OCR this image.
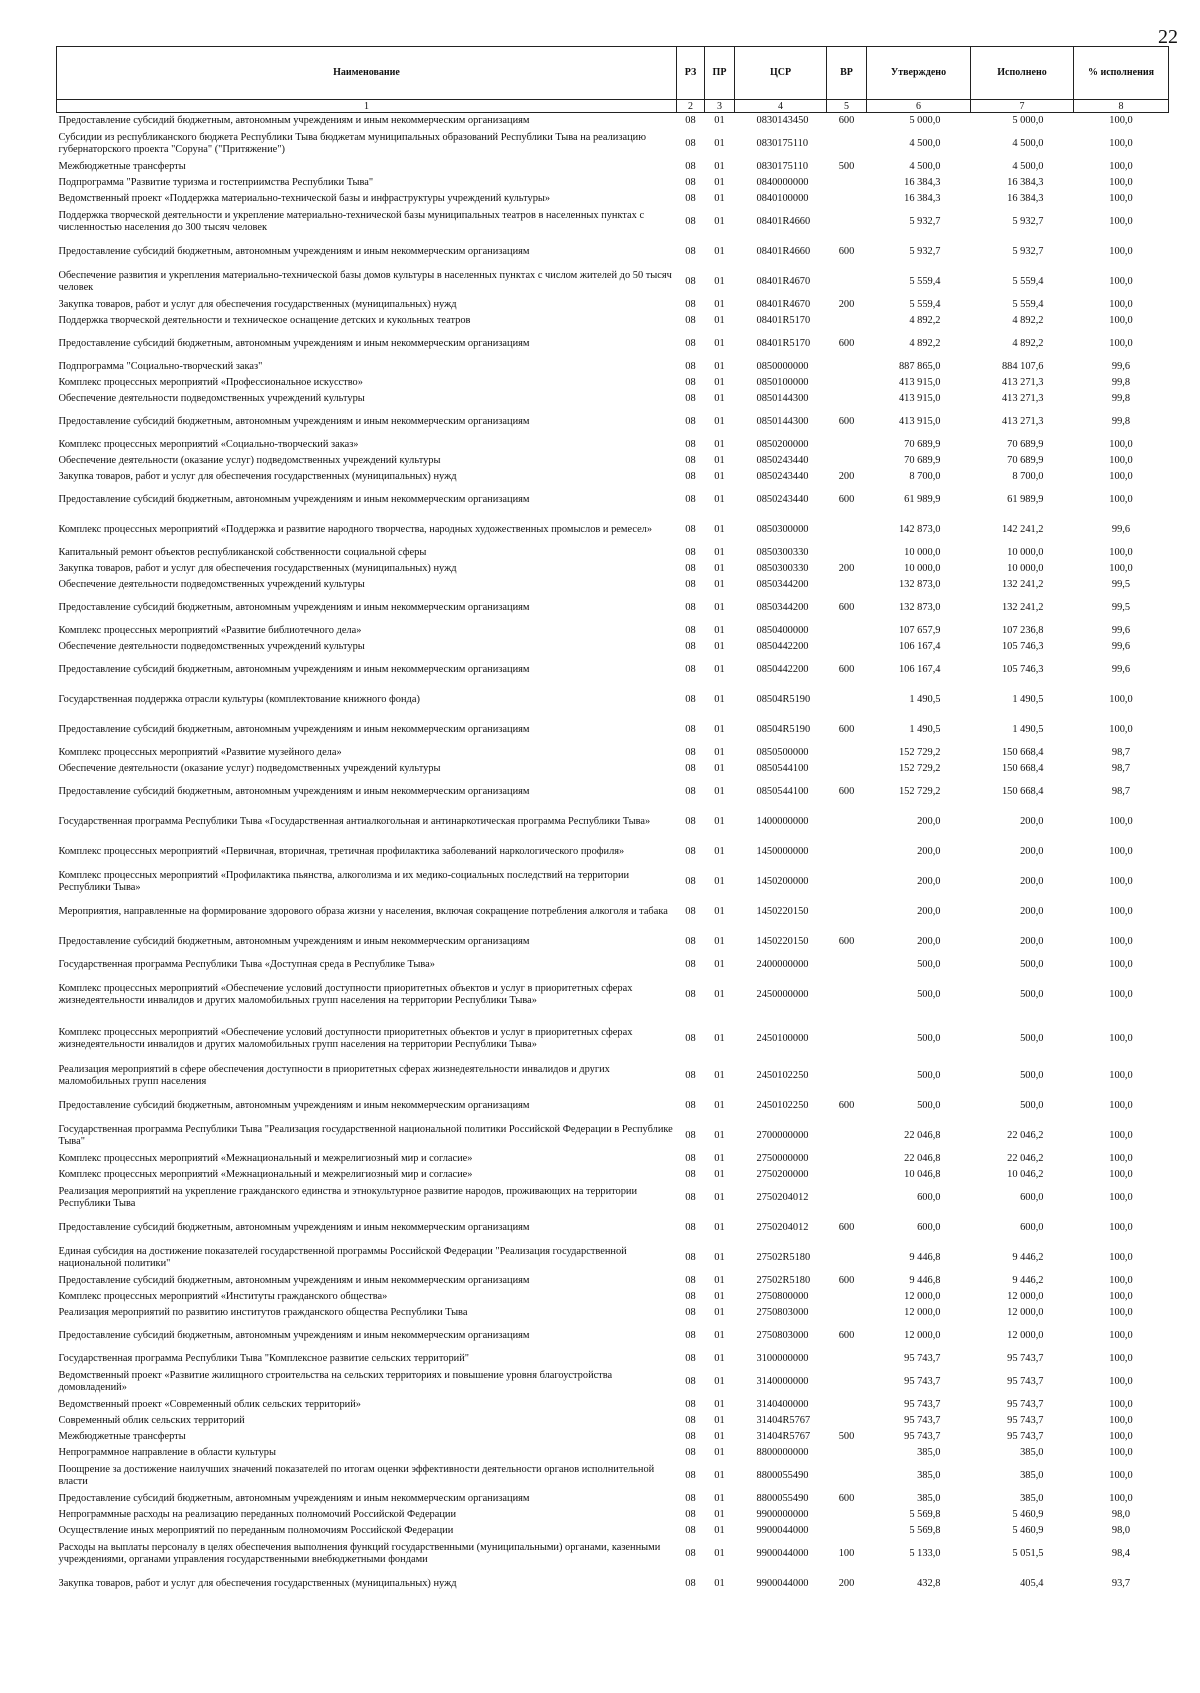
22
Наименование	РЗ	ПР	ЦСР	ВР	Утверждено	Исполнено	% исполнения
1	2	3	4	5	6	7	8
Предоставление субсидий бюджетным, автономным учреждениям и иным некоммерческим организациям	08	01	0830143450	600	5 000,0	5 000,0	100,0
Субсидии из республиканского бюджета Республики Тыва бюджетам муниципальных образований Республики Тыва на реализацию губернаторского проекта "Соруна" ("Притяжение")	08	01	0830175110		4 500,0	4 500,0	100,0
Межбюджетные трансферты	08	01	0830175110	500	4 500,0	4 500,0	100,0
Подпрограмма "Развитие туризма и гостеприимства Республики Тыва"	08	01	0840000000		16 384,3	16 384,3	100,0
Ведомственный проект «Поддержка материально-технической базы и инфраструктуры учреждений культуры»	08	01	0840100000		16 384,3	16 384,3	100,0
Поддержка творческой деятельности и укрепление материально-технической базы муниципальных театров в населенных пунктах с численностью населения до 300 тысяч человек	08	01	08401R4660		5 932,7	5 932,7	100,0
Предоставление субсидий бюджетным, автономным учреждениям и иным некоммерческим организациям	08	01	08401R4660	600	5 932,7	5 932,7	100,0
Обеспечение развития и укрепления материально-технической базы домов культуры в населенных пунктах с числом жителей до 50 тысяч человек	08	01	08401R4670		5 559,4	5 559,4	100,0
Закупка товаров, работ и услуг для обеспечения государственных (муниципальных) нужд	08	01	08401R4670	200	5 559,4	5 559,4	100,0
Поддержка творческой деятельности и техническое оснащение детских и кукольных театров	08	01	08401R5170		4 892,2	4 892,2	100,0
Предоставление субсидий бюджетным, автономным учреждениям и иным некоммерческим организациям	08	01	08401R5170	600	4 892,2	4 892,2	100,0
Подпрограмма "Социально-творческий заказ"	08	01	0850000000		887 865,0	884 107,6	99,6
Комплекс процессных мероприятий «Профессиональное искусство»	08	01	0850100000		413 915,0	413 271,3	99,8
Обеспечение деятельности подведомственных учреждений культуры	08	01	0850144300		413 915,0	413 271,3	99,8
Предоставление субсидий бюджетным, автономным учреждениям и иным некоммерческим организациям	08	01	0850144300	600	413 915,0	413 271,3	99,8
Комплекс процессных мероприятий «Социально-творческий заказ»	08	01	0850200000		70 689,9	70 689,9	100,0
Обеспечение деятельности (оказание услуг) подведомственных учреждений культуры	08	01	0850243440		70 689,9	70 689,9	100,0
Закупка товаров, работ и услуг для обеспечения государственных (муниципальных) нужд	08	01	0850243440	200	8 700,0	8 700,0	100,0
Предоставление субсидий бюджетным, автономным учреждениям и иным некоммерческим организациям	08	01	0850243440	600	61 989,9	61 989,9	100,0
Комплекс процессных мероприятий «Поддержка и развитие народного творчества, народных художественных промыслов и ремесел»	08	01	0850300000		142 873,0	142 241,2	99,6
Капитальный ремонт объектов республиканской собственности социальной сферы	08	01	0850300330		10 000,0	10 000,0	100,0
Закупка товаров, работ и услуг для обеспечения государственных (муниципальных) нужд	08	01	0850300330	200	10 000,0	10 000,0	100,0
Обеспечение деятельности подведомственных учреждений культуры	08	01	0850344200		132 873,0	132 241,2	99,5
Предоставление субсидий бюджетным, автономным учреждениям и иным некоммерческим организациям	08	01	0850344200	600	132 873,0	132 241,2	99,5
Комплекс процессных мероприятий «Развитие библиотечного дела»	08	01	0850400000		107 657,9	107 236,8	99,6
Обеспечение деятельности подведомственных учреждений культуры	08	01	0850442200		106 167,4	105 746,3	99,6
Предоставление субсидий бюджетным, автономным учреждениям и иным некоммерческим организациям	08	01	0850442200	600	106 167,4	105 746,3	99,6
Государственная поддержка отрасли культуры (комплектование книжного фонда)	08	01	08504R5190		1 490,5	1 490,5	100,0
Предоставление субсидий бюджетным, автономным учреждениям и иным некоммерческим организациям	08	01	08504R5190	600	1 490,5	1 490,5	100,0
Комплекс процессных мероприятий «Развитие музейного дела»	08	01	0850500000		152 729,2	150 668,4	98,7
Обеспечение деятельности (оказание услуг) подведомственных учреждений культуры	08	01	0850544100		152 729,2	150 668,4	98,7
Предоставление субсидий бюджетным, автономным учреждениям и иным некоммерческим организациям	08	01	0850544100	600	152 729,2	150 668,4	98,7
Государственная программа Республики Тыва «Государственная антиалкогольная и антинаркотическая программа Республики Тыва»	08	01	1400000000		200,0	200,0	100,0
Комплекс процессных мероприятий «Первичная, вторичная, третичная профилактика заболеваний наркологического профиля»	08	01	1450000000		200,0	200,0	100,0
Комплекс процессных мероприятий «Профилактика пьянства, алкоголизма и их медико-социальных последствий на территории Республики Тыва»	08	01	1450200000		200,0	200,0	100,0
Мероприятия, направленные на формирование здорового образа жизни у населения, включая сокращение потребления алкоголя и табака	08	01	1450220150		200,0	200,0	100,0
Предоставление субсидий бюджетным, автономным учреждениям и иным некоммерческим организациям	08	01	1450220150	600	200,0	200,0	100,0
Государственная программа Республики Тыва «Доступная среда в Республике Тыва»	08	01	2400000000		500,0	500,0	100,0
Комплекс процессных мероприятий «Обеспечение условий доступности приоритетных объектов и услуг в приоритетных сферах жизнедеятельности инвалидов и других маломобильных групп населения на территории Республики Тыва»	08	01	2450000000		500,0	500,0	100,0
Комплекс процессных мероприятий «Обеспечение условий доступности приоритетных объектов и услуг в приоритетных сферах жизнедеятельности инвалидов и других маломобильных групп населения на территории Республики Тыва»	08	01	2450100000		500,0	500,0	100,0
Реализация мероприятий в сфере обеспечения доступности в приоритетных сферах жизнедеятельности инвалидов и других маломобильных групп населения	08	01	2450102250		500,0	500,0	100,0
Предоставление субсидий бюджетным, автономным учреждениям и иным некоммерческим организациям	08	01	2450102250	600	500,0	500,0	100,0
Государственная программа Республики Тыва "Реализация государственной национальной политики Российской Федерации в Республике Тыва"	08	01	2700000000		22 046,8	22 046,2	100,0
Комплекс процессных мероприятий «Межнациональный и межрелигиозный мир и согласие»	08	01	2750000000		22 046,8	22 046,2	100,0
Комплекс процессных мероприятий «Межнациональный и межрелигиозный мир и согласие»	08	01	2750200000		10 046,8	10 046,2	100,0
Реализация мероприятий на укрепление гражданского единства и этнокультурное развитие народов, проживающих на территории Республики Тыва	08	01	2750204012		600,0	600,0	100,0
Предоставление субсидий бюджетным, автономным учреждениям и иным некоммерческим организациям	08	01	2750204012	600	600,0	600,0	100,0
Единая субсидия на достижение показателей государственной программы Российской Федерации "Реализация государственной национальной политики"	08	01	27502R5180		9 446,8	9 446,2	100,0
Предоставление субсидий бюджетным, автономным учреждениям и иным некоммерческим организациям	08	01	27502R5180	600	9 446,8	9 446,2	100,0
Комплекс процессных мероприятий «Институты гражданского общества»	08	01	2750800000		12 000,0	12 000,0	100,0
Реализация мероприятий по развитию институтов гражданского общества Республики Тыва	08	01	2750803000		12 000,0	12 000,0	100,0
Предоставление субсидий бюджетным, автономным учреждениям и иным некоммерческим организациям	08	01	2750803000	600	12 000,0	12 000,0	100,0
Государственная программа Республики Тыва "Комплексное развитие сельских территорий"	08	01	3100000000		95 743,7	95 743,7	100,0
Ведомственный проект «Развитие жилищного строительства на сельских территориях и повышение уровня благоустройства домовладений»	08	01	3140000000		95 743,7	95 743,7	100,0
Ведомственный проект «Современный облик сельских территорий»	08	01	3140400000		95 743,7	95 743,7	100,0
Современный облик сельских территорий	08	01	31404R5767		95 743,7	95 743,7	100,0
Межбюджетные трансферты	08	01	31404R5767	500	95 743,7	95 743,7	100,0
Непрограммное направление в области культуры	08	01	8800000000		385,0	385,0	100,0
Поощрение за достижение наилучших значений показателей по итогам оценки эффективности деятельности органов исполнительной власти	08	01	8800055490		385,0	385,0	100,0
Предоставление субсидий бюджетным, автономным учреждениям и иным некоммерческим организациям	08	01	8800055490	600	385,0	385,0	100,0
Непрограммные расходы на реализацию переданных полномочий Российской Федерации	08	01	9900000000		5 569,8	5 460,9	98,0
Осуществление иных мероприятий по переданным полномочиям Российской Федерации	08	01	9900044000		5 569,8	5 460,9	98,0
Расходы на выплаты персоналу в целях обеспечения выполнения функций государственными (муниципальными) органами, казенными учреждениями, органами управления государственными внебюджетными фондами	08	01	9900044000	100	5 133,0	5 051,5	98,4
Закупка товаров, работ и услуг для обеспечения государственных (муниципальных) нужд	08	01	9900044000	200	432,8	405,4	93,7
